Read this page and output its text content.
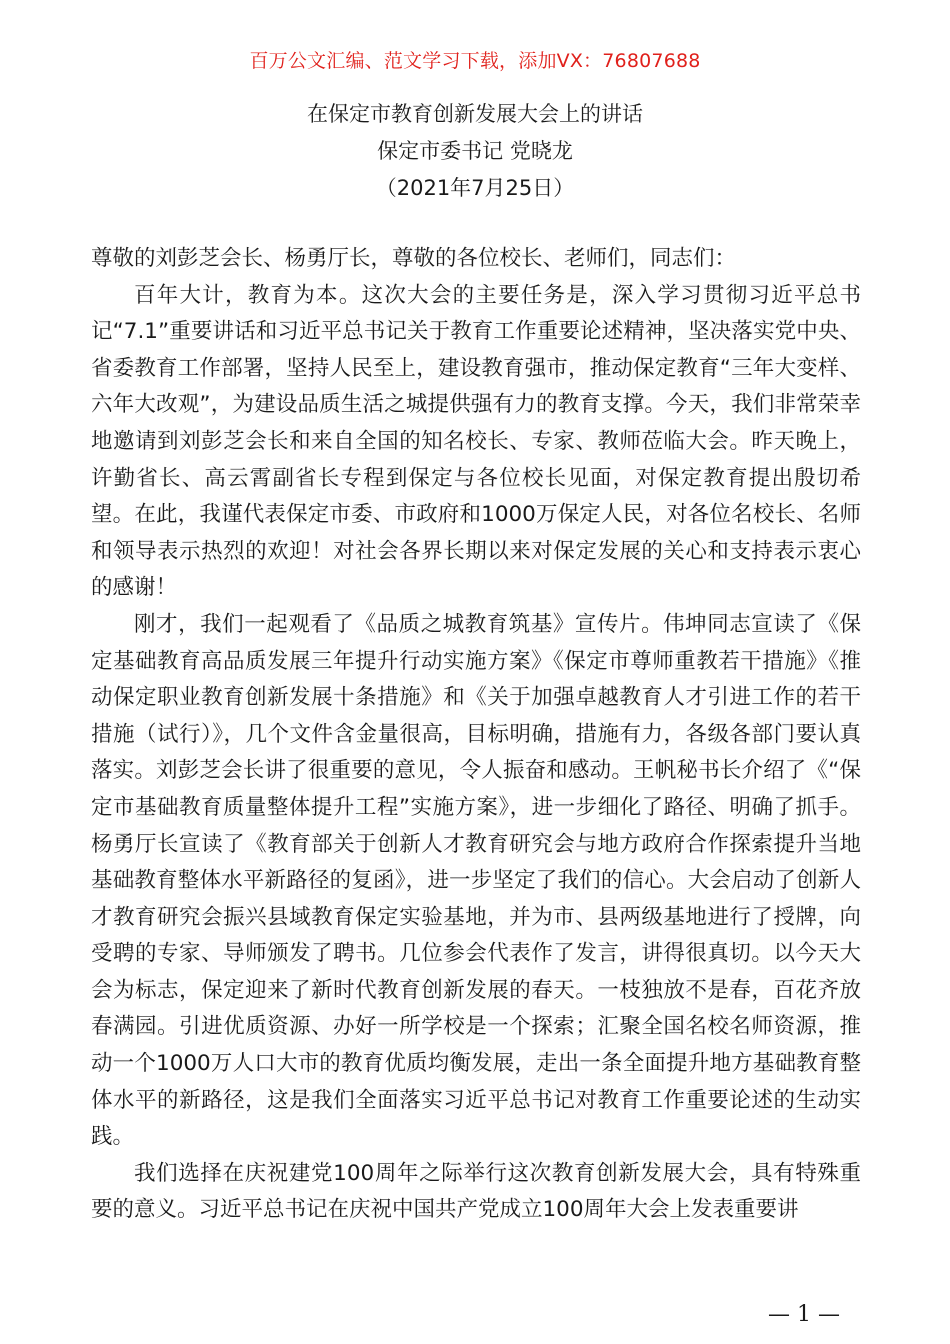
百万公文汇编、范文学习下载，添加VX：76807688
在保定市教育创新发展大会上的讲话
保定市委书记 党晓龙
（2021年7月25日）

尊敬的刘彭芝会长、杨勇厅长，尊敬的各位校长、老师们，同志们：

百年大计，教育为本。这次大会的主要任务是，深入学习贯彻习近平总书记“7.1”重要讲话和习近平总书记关于教育工作重要论述精神，坚决落实党中央、省委教育工作部署，坚持人民至上，建设教育强市，推动保定教育“三年大变样、六年大改观”，为建设品质生活之城提供强有力的教育支撑。今天，我们非常荣幸地邀请到刘彭芝会长和来自全国的知名校长、专家、教师莅临大会。昨天晚上，许勤省长、高云霄副省长专程到保定与各位校长见面，对保定教育提出殷切希望。在此，我谨代表保定市委、市政府和1000万保定人民，对各位名校长、名师和领导表示热烈的欢迎！对社会各界长期以来对保定发展的关心和支持表示衷心的感谢！

刚才，我们一起观看了《品质之城教育筑基》宣传片。伟坤同志宣读了《保定基础教育高品质发展三年提升行动实施方案》《保定市尊师重教若干措施》《推动保定职业教育创新发展十条措施》和《关于加强卓越教育人才引进工作的若干措施（试行）》，几个文件含金量很高，目标明确，措施有力，各级各部门要认真落实。刘彭芝会长讲了很重要的意见，令人振奋和感动。王帆秘书长介绍了《“保定市基础教育质量整体提升工程”实施方案》，进一步细化了路径、明确了抓手。杨勇厅长宣读了《教育部关于创新人才教育研究会与地方政府合作探索提升当地基础教育整体水平新路径的复函》，进一步坚定了我们的信心。大会启动了创新人才教育研究会振兴县域教育保定实验基地，并为市、县两级基地进行了授牌，向受聘的专家、导师颁发了聘书。几位参会代表作了发言，讲得很真切。以今天大会为标志，保定迎来了新时代教育创新发展的春天。一枝独放不是春，百花齐放春满园。引进优质资源、办好一所学校是一个探索；汇聚全国名校名师资源，推动一个1000万人口大市的教育优质均衡发展，走出一条全面提升地方基础教育整体水平的新路径，这是我们全面落实习近平总书记对教育工作重要论述的生动实践。

我们选择在庆祝建党100周年之际举行这次教育创新发展大会，具有特殊重要的意义。习近平总书记在庆祝中国共产党成立100周年大会上发表重要讲

— 1 —
